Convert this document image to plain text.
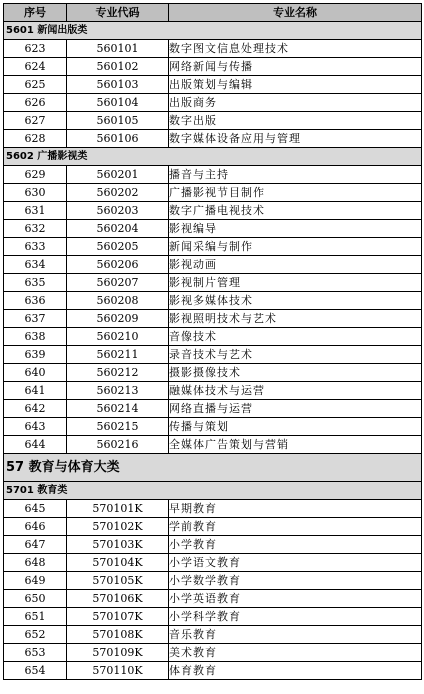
序号	专业代码	专业名称
5601 新闻出版类		
623	560101	数字图文信息处理技术
624	560102	网络新闻与传播
625	560103	出版策划与编辑
626	560104	出版商务
627	560105	数字出版
628	560106	数字媒体设备应用与管理
5602 广播影视类		
629	560201	播音与主持
630	560202	广播影视节目制作
631	560203	数字广播电视技术
632	560204	影视编导
633	560205	新闻采编与制作
634	560206	影视动画
635	560207	影视制片管理
636	560208	影视多媒体技术
637	560209	影视照明技术与艺术
638	560210	音像技术
639	560211	录音技术与艺术
640	560212	摄影摄像技术
641	560213	融媒体技术与运营
642	560214	网络直播与运营
643	560215	传播与策划
644	560216	全媒体广告策划与营销
57 教育与体育大类		
5701 教育类		
645	570101K	早期教育
646	570102K	学前教育
647	570103K	小学教育
648	570104K	小学语文教育
649	570105K	小学数学教育
650	570106K	小学英语教育
651	570107K	小学科学教育
652	570108K	音乐教育
653	570109K	美术教育
654	570110K	体育教育
